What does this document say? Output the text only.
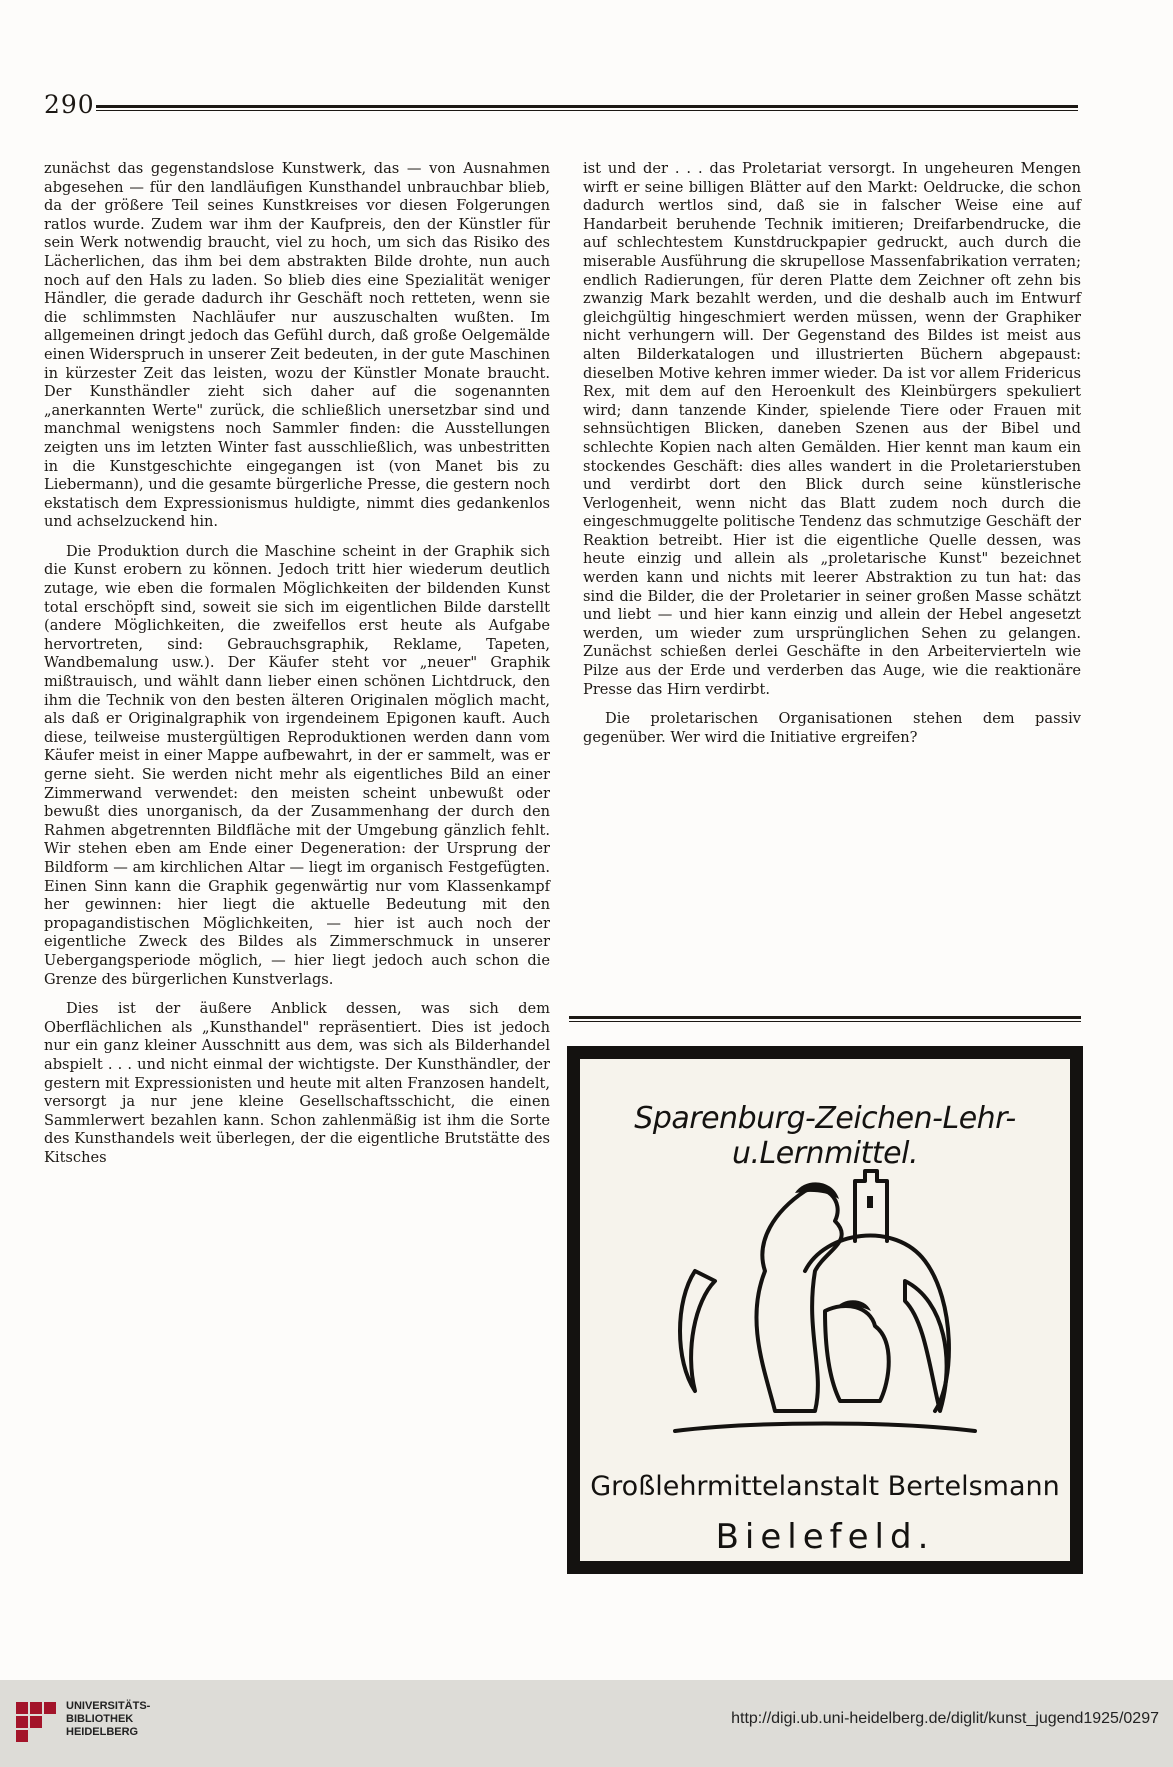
290

zunächst das gegenstandslose Kunstwerk, das — von Ausnahmen abgesehen — für den landläufigen Kunsthandel unbrauchbar blieb, da der größere Teil seines Kunstkreises vor diesen Folgerungen ratlos wurde. Zudem war ihm der Kaufpreis, den der Künstler für sein Werk notwendig braucht, viel zu hoch, um sich das Risiko des Lächerlichen, das ihm bei dem abstrakten Bilde drohte, nun auch noch auf den Hals zu laden. So blieb dies eine Spezialität weniger Händler, die gerade dadurch ihr Geschäft noch retteten, wenn sie die schlimmsten Nachläufer nur auszuschalten wußten. Im allgemeinen dringt jedoch das Gefühl durch, daß große Oelgemälde einen Widerspruch in unserer Zeit bedeuten, in der gute Maschinen in kürzester Zeit das leisten, wozu der Künstler Monate braucht. Der Kunsthändler zieht sich daher auf die sogenannten „anerkannten Werte" zurück, die schließlich unersetzbar sind und manchmal wenigstens noch Sammler finden: die Ausstellungen zeigten uns im letzten Winter fast ausschließlich, was unbestritten in die Kunstgeschichte eingegangen ist (von Manet bis zu Liebermann), und die gesamte bürgerliche Presse, die gestern noch ekstatisch dem Expressionismus huldigte, nimmt dies gedankenlos und achselzuckend hin.

Die Produktion durch die Maschine scheint in der Graphik sich die Kunst erobern zu können. Jedoch tritt hier wiederum deutlich zutage, wie eben die formalen Möglichkeiten der bildenden Kunst total erschöpft sind, soweit sie sich im eigentlichen Bilde darstellt (andere Möglichkeiten, die zweifellos erst heute als Aufgabe hervortreten, sind: Gebrauchsgraphik, Reklame, Tapeten, Wandbemalung usw.). Der Käufer steht vor „neuer" Graphik mißtrauisch, und wählt dann lieber einen schönen Lichtdruck, den ihm die Technik von den besten älteren Originalen möglich macht, als daß er Originalgraphik von irgendeinem Epigonen kauft. Auch diese, teilweise mustergültigen Reproduktionen werden dann vom Käufer meist in einer Mappe aufbewahrt, in der er sammelt, was er gerne sieht. Sie werden nicht mehr als eigentliches Bild an einer Zimmerwand verwendet: den meisten scheint unbewußt oder bewußt dies unorganisch, da der Zusammenhang der durch den Rahmen abgetrennten Bildfläche mit der Umgebung gänzlich fehlt. Wir stehen eben am Ende einer Degeneration: der Ursprung der Bildform — am kirchlichen Altar — liegt im organisch Festgefügten. Einen Sinn kann die Graphik gegenwärtig nur vom Klassenkampf her gewinnen: hier liegt die aktuelle Bedeutung mit den propagandistischen Möglichkeiten, — hier ist auch noch der eigentliche Zweck des Bildes als Zimmerschmuck in unserer Uebergangsperiode möglich, — hier liegt jedoch auch schon die Grenze des bürgerlichen Kunstverlags.

Dies ist der äußere Anblick dessen, was sich dem Oberflächlichen als „Kunsthandel" repräsentiert. Dies ist jedoch nur ein ganz kleiner Ausschnitt aus dem, was sich als Bilderhandel abspielt . . . und nicht einmal der wichtigste. Der Kunsthändler, der gestern mit Expressionisten und heute mit alten Franzosen handelt, versorgt ja nur jene kleine Gesellschaftsschicht, die einen Sammlerwert bezahlen kann. Schon zahlenmäßig ist ihm die Sorte des Kunsthandels weit überlegen, der die eigentliche Brutstätte des Kitsches

ist und der . . . das Proletariat versorgt. In ungeheuren Mengen wirft er seine billigen Blätter auf den Markt: Oeldrucke, die schon dadurch wertlos sind, daß sie in falscher Weise eine auf Handarbeit beruhende Technik imitieren; Dreifarbendrucke, die auf schlechtestem Kunstdruckpapier gedruckt, auch durch die miserable Ausführung die skrupellose Massenfabrikation verraten; endlich Radierungen, für deren Platte dem Zeichner oft zehn bis zwanzig Mark bezahlt werden, und die deshalb auch im Entwurf gleichgültig hingeschmiert werden müssen, wenn der Graphiker nicht verhungern will. Der Gegenstand des Bildes ist meist aus alten Bilderkatalogen und illustrierten Büchern abgepaust: dieselben Motive kehren immer wieder. Da ist vor allem Fridericus Rex, mit dem auf den Heroenkult des Kleinbürgers spekuliert wird; dann tanzende Kinder, spielende Tiere oder Frauen mit sehnsüchtigen Blicken, daneben Szenen aus der Bibel und schlechte Kopien nach alten Gemälden. Hier kennt man kaum ein stockendes Geschäft: dies alles wandert in die Proletarierstuben und verdirbt dort den Blick durch seine künstlerische Verlogenheit, wenn nicht das Blatt zudem noch durch die eingeschmuggelte politische Tendenz das schmutzige Geschäft der Reaktion betreibt. Hier ist die eigentliche Quelle dessen, was heute einzig und allein als „proletarische Kunst" bezeichnet werden kann und nichts mit leerer Abstraktion zu tun hat: das sind die Bilder, die der Proletarier in seiner großen Masse schätzt und liebt — und hier kann einzig und allein der Hebel angesetzt werden, um wieder zum ursprünglichen Sehen zu gelangen. Zunächst schießen derlei Geschäfte in den Arbeitervierteln wie Pilze aus der Erde und verderben das Auge, wie die reaktionäre Presse das Hirn verdirbt.

Die proletarischen Organisationen stehen dem passiv gegenüber. Wer wird die Initiative ergreifen?

Sparenburg-Zeichen-Lehr-u.Lernmittel.
Großlehrmittelanstalt Bertelsmann
Bielefeld.
UNIVERSITÄTS-
BIBLIOTHEK
HEIDELBERG
http://digi.ub.uni-heidelberg.de/diglit/kunst_jugend1925/0297
